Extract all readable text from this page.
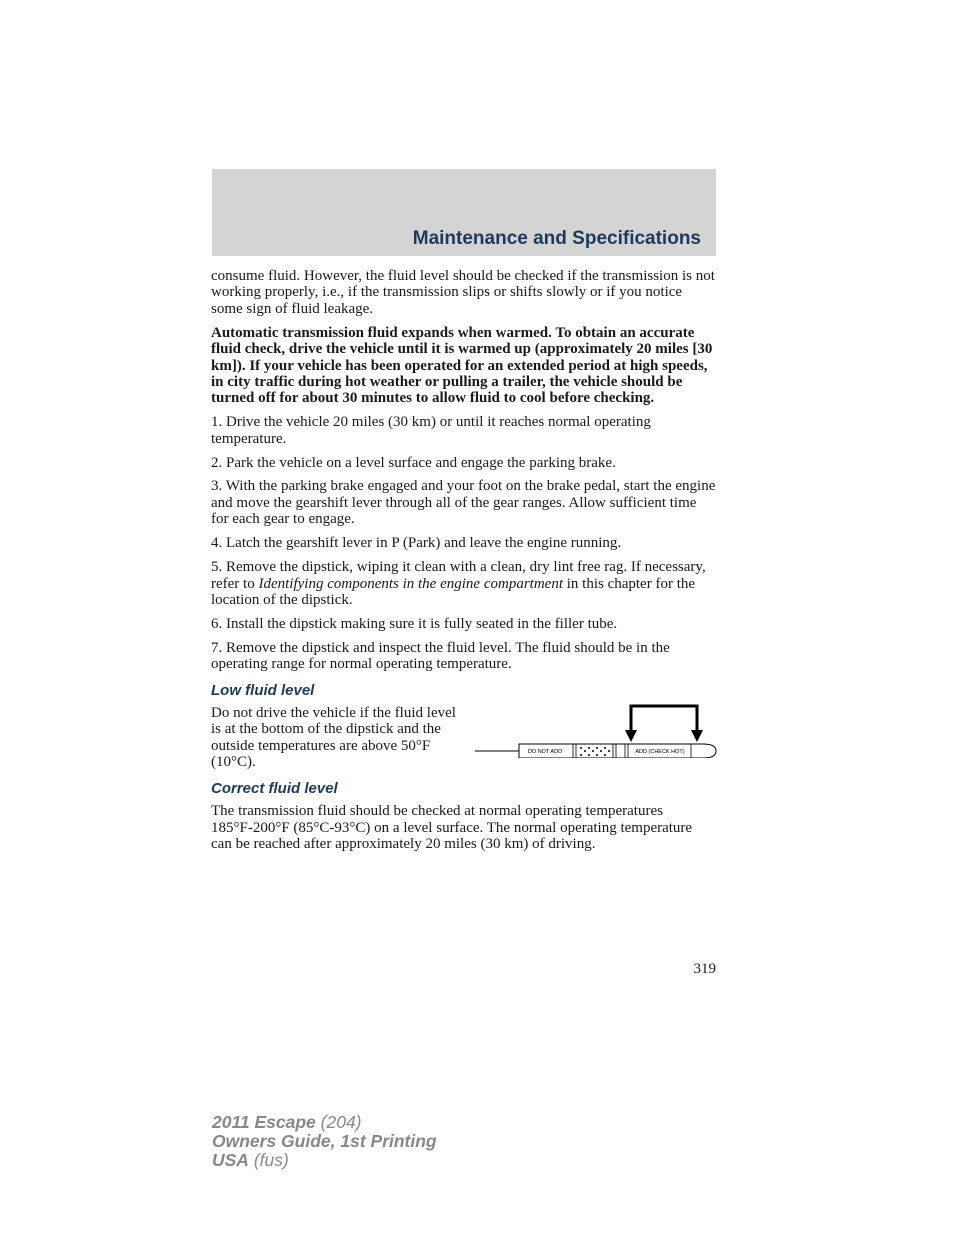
Maintenance and Specifications

consume fluid. However, the fluid level should be checked if the transmission is not working properly, i.e., if the transmission slips or shifts slowly or if you notice some sign of fluid leakage.

Automatic transmission fluid expands when warmed. To obtain an accurate fluid check, drive the vehicle until it is warmed up (approximately 20 miles [30 km]). If your vehicle has been operated for an extended period at high speeds, in city traffic during hot weather or pulling a trailer, the vehicle should be turned off for about 30 minutes to allow fluid to cool before checking.

1. Drive the vehicle 20 miles (30 km) or until it reaches normal operating temperature.

2. Park the vehicle on a level surface and engage the parking brake.

3. With the parking brake engaged and your foot on the brake pedal, start the engine and move the gearshift lever through all of the gear ranges. Allow sufficient time for each gear to engage.

4. Latch the gearshift lever in P (Park) and leave the engine running.

5. Remove the dipstick, wiping it clean with a clean, dry lint free rag. If necessary, refer to Identifying components in the engine compartment in this chapter for the location of the dipstick.

6. Install the dipstick making sure it is fully seated in the filler tube.

7. Remove the dipstick and inspect the fluid level. The fluid should be in the operating range for normal operating temperature.

Low fluid level
Do not drive the vehicle if the fluid level is at the bottom of the dipstick and the outside temperatures are above 50°F (10°C).
DO NOT ADD	ADD (CHECK HOT)
Correct fluid level

The transmission fluid should be checked at normal operating temperatures 185°F-200°F (85°C-93°C) on a level surface. The normal operating temperature can be reached after approximately 20 miles (30 km) of driving.

319
2011 Escape (204)
Owners Guide, 1st Printing
USA (fus)
